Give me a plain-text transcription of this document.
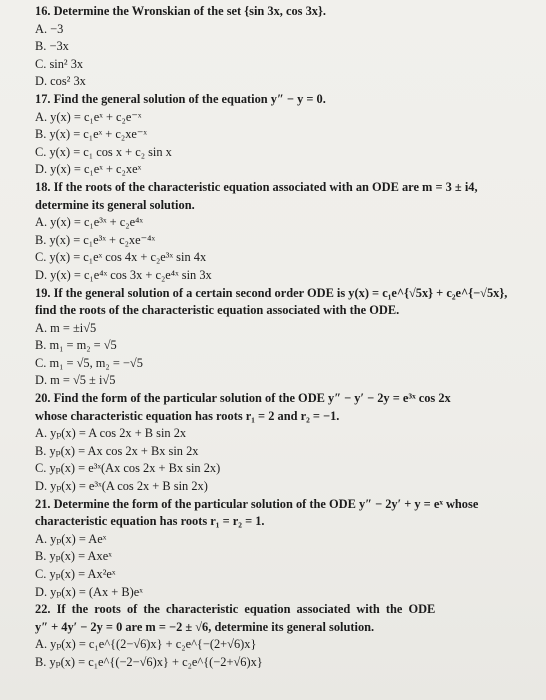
16. Determine the Wronskian of the set {sin 3x, cos 3x}.
A. −3
B. −3x
C. sin² 3x
D. cos² 3x
17. Find the general solution of the equation y″ − y = 0.
A. y(x) = c₁eˣ + c₂e⁻ˣ
B. y(x) = c₁eˣ + c₂xe⁻ˣ
C. y(x) = c₁ cos x + c₂ sin x
D. y(x) = c₁eˣ + c₂xeˣ
18. If the roots of the characteristic equation associated with an ODE are m = 3 ± i4,
determine its general solution.
A. y(x) = c₁e³ˣ + c₂e⁴ˣ
B. y(x) = c₁e³ˣ + c₂xe⁻⁴ˣ
C. y(x) = c₁eˣ cos 4x + c₂e³ˣ sin 4x
D. y(x) = c₁e⁴ˣ cos 3x + c₂e⁴ˣ sin 3x
19. If the general solution of a certain second order ODE is y(x) = c₁e^{√5x} + c₂e^{−√5x},
find the roots of the characteristic equation associated with the ODE.
A. m = ±i√5
B. m₁ = m₂ = √5
C. m₁ = √5, m₂ = −√5
D. m = √5 ± i√5
20. Find the form of the particular solution of the ODE y″ − y′ − 2y = e³ˣ cos 2x
whose characteristic equation has roots r₁ = 2 and r₂ = −1.
A. yₚ(x) = A cos 2x + B sin 2x
B. yₚ(x) = Ax cos 2x + Bx sin 2x
C. yₚ(x) = e³ˣ(Ax cos 2x + Bx sin 2x)
D. yₚ(x) = e³ˣ(A cos 2x + B sin 2x)
21. Determine the form of the particular solution of the ODE y″ − 2y′ + y = eˣ whose
characteristic equation has roots r₁ = r₂ = 1.
A. yₚ(x) = Aeˣ
B. yₚ(x) = Axeˣ
C. yₚ(x) = Ax²eˣ
D. yₚ(x) = (Ax + B)eˣ
22. If the roots of the characteristic equation associated with the ODE
y″ + 4y′ − 2y = 0 are m = −2 ± √6, determine its general solution.
A. yₚ(x) = c₁e^{(2−√6)x} + c₂e^{−(2+√6)x}
B. yₚ(x) = c₁e^{(−2−√6)x} + c₂e^{(−2+√6)x}
